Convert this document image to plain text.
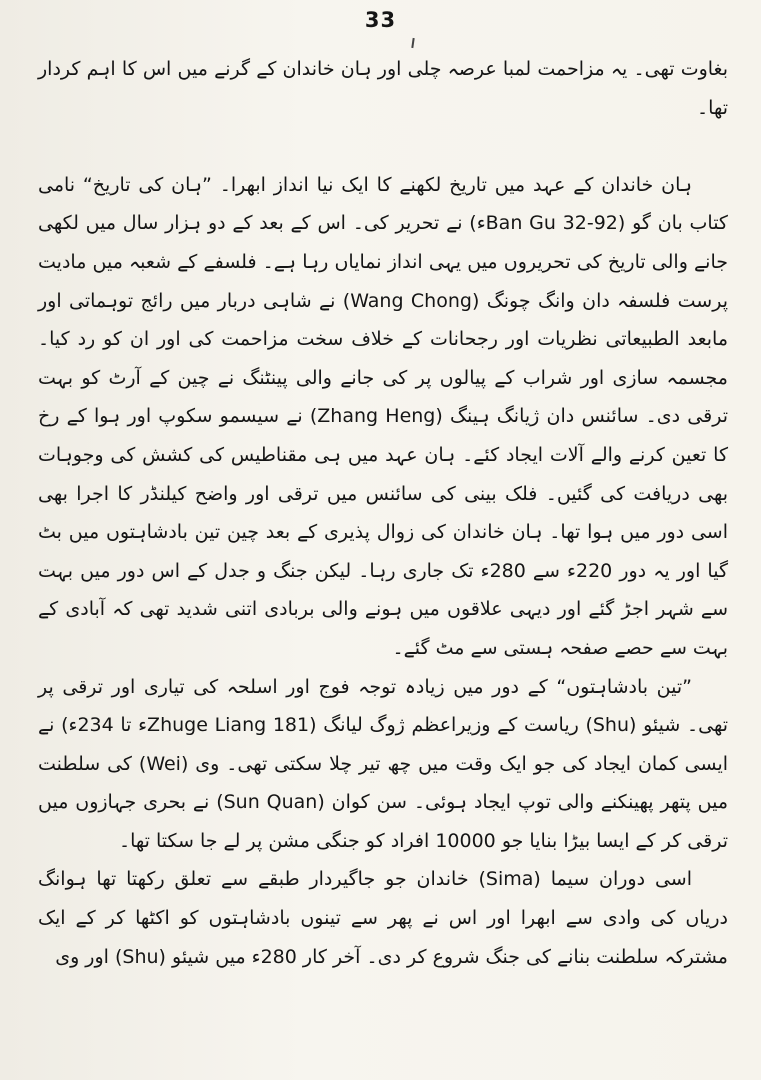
33

بغاوت تھی۔ یہ مزاحمت لمبا عرصہ چلی اور ہان خاندان کے گرنے میں اس کا اہم کردار تھا۔

ہان خاندان کے عہد میں تاریخ لکھنے کا ایک نیا انداز ابھرا۔ ”ہان کی تاریخ“ نامی کتاب بان گو (Ban Gu 32-92ء) نے تحریر کی۔ اس کے بعد کے دو ہزار سال میں لکھی جانے والی تاریخ کی تحریروں میں یہی انداز نمایاں رہا ہے۔ فلسفے کے شعبہ میں مادیت پرست فلسفہ دان وانگ چونگ (Wang Chong) نے شاہی دربار میں رائج توہماتی اور مابعد الطبیعاتی نظریات اور رجحانات کے خلاف سخت مزاحمت کی اور ان کو رد کیا۔ مجسمہ سازی اور شراب کے پیالوں پر کی جانے والی پینٹنگ نے چین کے آرٹ کو بہت ترقی دی۔ سائنس دان ژیانگ ہینگ (Zhang Heng) نے سیسمو سکوپ اور ہوا کے رخ کا تعین کرنے والے آلات ایجاد کئے۔ ہان عہد میں ہی مقناطیس کی کشش کی وجوہات بھی دریافت کی گئیں۔ فلک بینی کی سائنس میں ترقی اور واضح کیلنڈر کا اجرا بھی اسی دور میں ہوا تھا۔ ہان خاندان کی زوال پذیری کے بعد چین تین بادشاہتوں میں بٹ گیا اور یہ دور 220ء سے 280ء تک جاری رہا۔ لیکن جنگ و جدل کے اس دور میں بہت سے شہر اجڑ گئے اور دیہی علاقوں میں ہونے والی بربادی اتنی شدید تھی کہ آبادی کے بہت سے حصے صفحہ ہستی سے مٹ گئے۔

”تین بادشاہتوں“ کے دور میں زیادہ توجہ فوج اور اسلحہ کی تیاری اور ترقی پر تھی۔ شیئو (Shu) ریاست کے وزیراعظم ژوگ لیانگ (Zhuge Liang 181ء تا 234ء) نے ایسی کمان ایجاد کی جو ایک وقت میں چھ تیر چلا سکتی تھی۔ وی (Wei) کی سلطنت میں پتھر پھینکنے والی توپ ایجاد ہوئی۔ سن کوان (Sun Quan) نے بحری جہازوں میں ترقی کر کے ایسا بیڑا بنایا جو 10000 افراد کو جنگی مشن پر لے جا سکتا تھا۔

اسی دوران سیما (Sima) خاندان جو جاگیردار طبقے سے تعلق رکھتا تھا ہوانگ دریاں کی وادی سے ابھرا اور اس نے پھر سے تینوں بادشاہتوں کو اکٹھا کر کے ایک مشترکہ سلطنت بنانے کی جنگ شروع کر دی۔ آخر کار 280ء میں شیئو (Shu) اور وی
